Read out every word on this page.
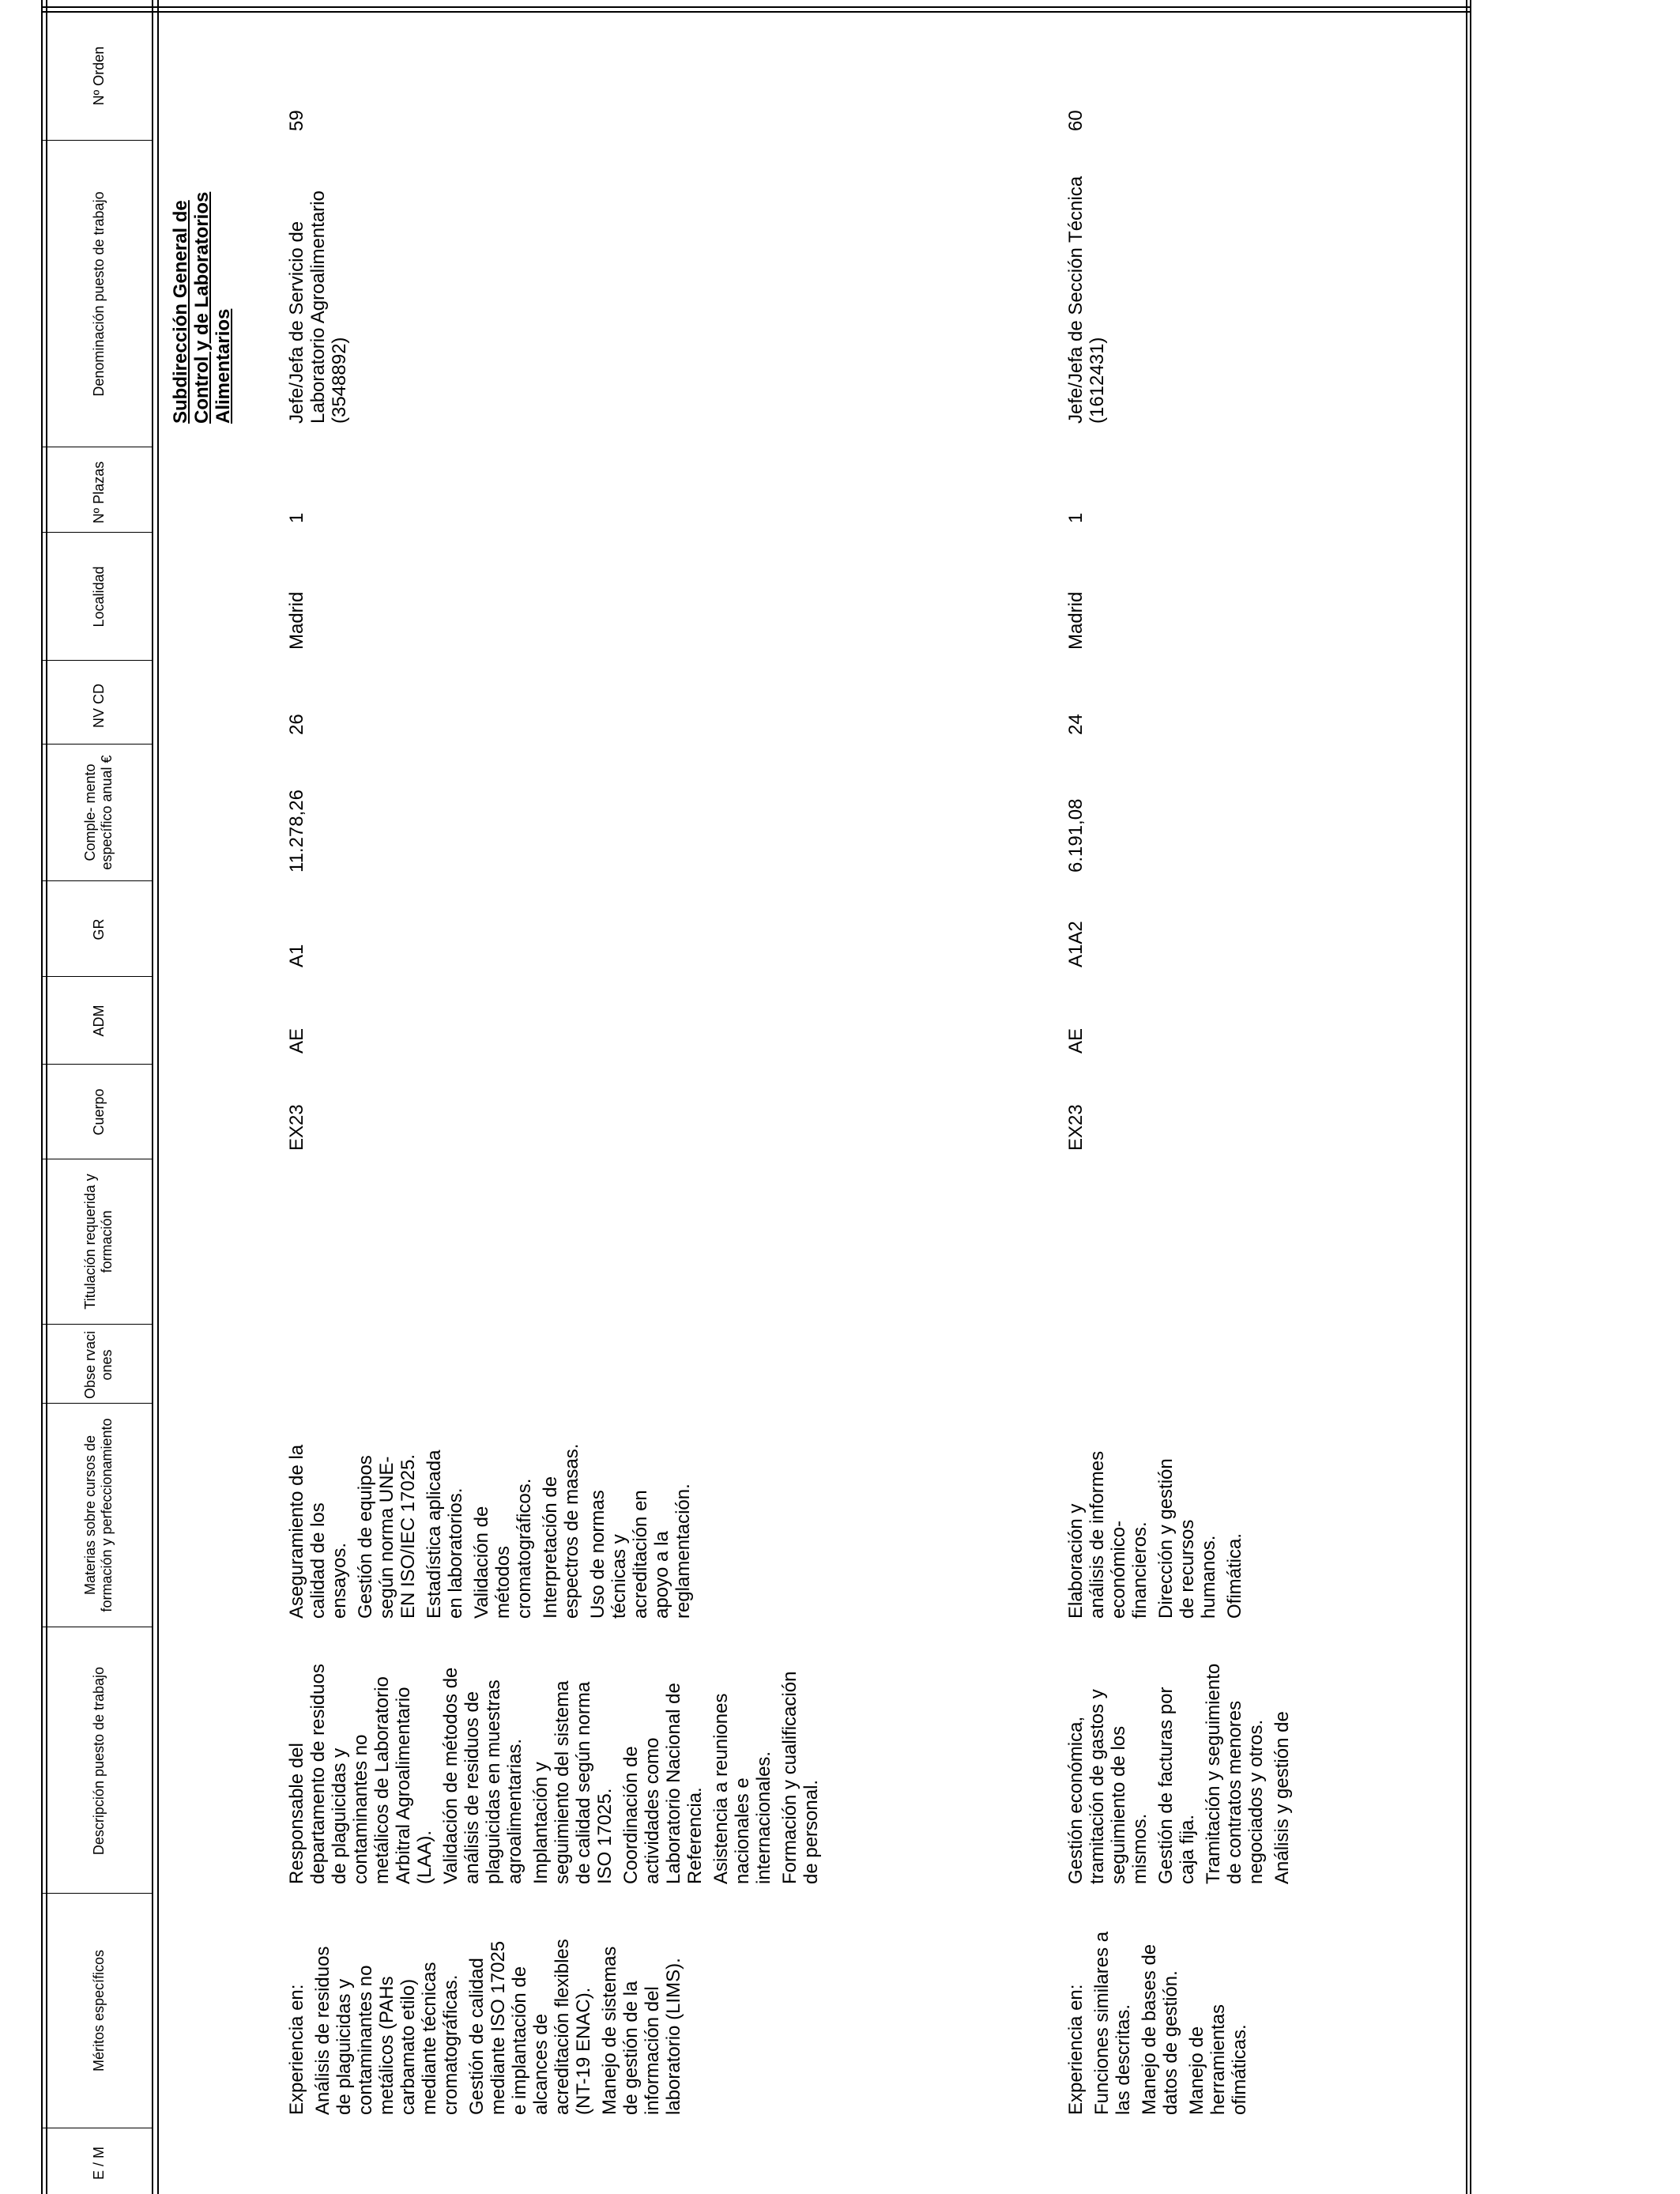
Nº Orden
Denominación puesto de trabajo
Nº Plazas
Localidad
NV CD
Comple- mento específico anual €
GR
ADM
Cuerpo
Titulación requerida y formación
Obse rvaci ones
Materias sobre cursos de formación y perfeccionamiento
Descripción puesto de trabajo
Méritos específicos
E / M
Subdirección General de Control y de Laboratorios Alimentarios
59
Jefe/Jefa de Servicio de Laboratorio Agroalimentario (3548892)
1
Madrid
26
11.278,26
A1
AE
EX23

Aseguramiento de la calidad de los ensayos. Gestión de equipos según norma UNE-EN ISO/IEC 17025. Estadística aplicada en laboratorios. Validación de métodos cromatográficos. Interpretación de espectros de masas. Uso de normas técnicas y acreditación en apoyo a la reglamentación.

Responsable del departamento de residuos de plaguicidas y contaminantes no metálicos de Laboratorio Arbitral Agroalimentario (LAA). Validación de métodos de análisis de residuos de plaguicidas en muestras agroalimentarias. Implantación y seguimiento del sistema de calidad según norma ISO 17025. Coordinación de actividades como Laboratorio Nacional de Referencia. Asistencia a reuniones nacionales e internacionales. Formación y cualificación de personal.

Experiencia en: Análisis de residuos de plaguicidas y contaminantes no metálicos (PAHs carbamato etilo) mediante técnicas cromatográficas. Gestión de calidad mediante ISO 17025 e implantación de alcances de acreditación flexibles (NT-19 ENAC). Manejo de sistemas de gestión de la información del laboratorio (LIMS).

60
Jefe/Jefa de Sección Técnica (1612431)
1
Madrid
24
6.191,08
A1A2
AE
EX23

Elaboración y análisis de informes económico-financieros. Dirección y gestión de recursos humanos. Ofimática.

Gestión económica, tramitación de gastos y seguimiento de los mismos. Gestión de facturas por caja fija. Tramitación y seguimiento de contratos menores negociados y otros. Análisis y gestión de

Experiencia en: Funciones similares a las descritas. Manejo de bases de datos de gestión. Manejo de herramientas ofimáticas.
